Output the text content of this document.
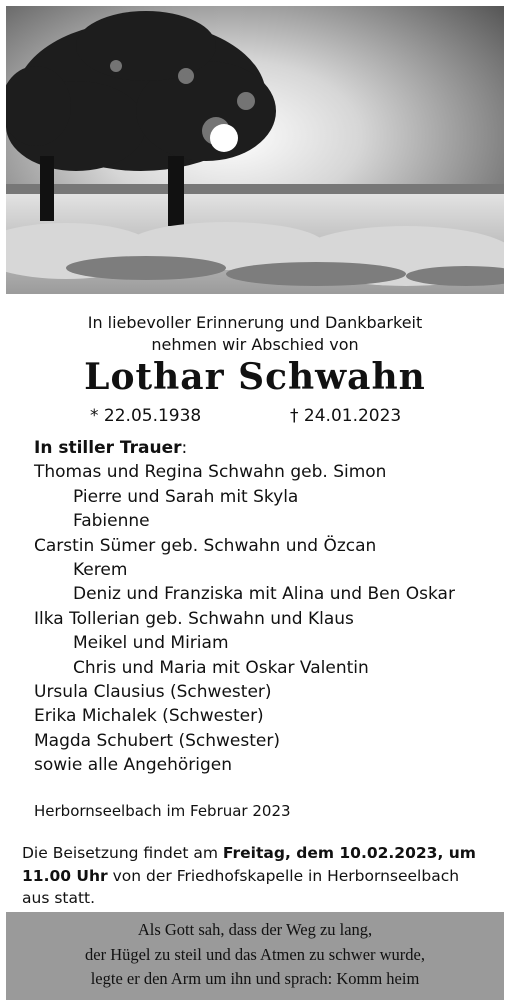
In liebevoller Erinnerung und Dankbarkeit
nehmen wir Abschied von
Lothar Schwahn
* 22.05.1938	† 24.01.2023
In stiller Trauer:
Thomas und Regina Schwahn geb. Simon
Pierre und Sarah mit Skyla
Fabienne
Carstin Sümer geb. Schwahn und Özcan
Kerem
Deniz und Franziska mit Alina und Ben Oskar
Ilka Tollerian geb. Schwahn und Klaus
Meikel und Miriam
Chris und Maria mit Oskar Valentin
Ursula Clausius (Schwester)
Erika Michalek (Schwester)
Magda Schubert (Schwester)
sowie alle Angehörigen
Herbornseelbach im Februar 2023
Die Beisetzung findet am Freitag, dem 10.02.2023, um
11.00 Uhr von der Friedhofskapelle in Herbornseelbach
aus statt.
Als Gott sah, dass der Weg zu lang,
der Hügel zu steil und das Atmen zu schwer wurde,
legte er den Arm um ihn und sprach: Komm heim
